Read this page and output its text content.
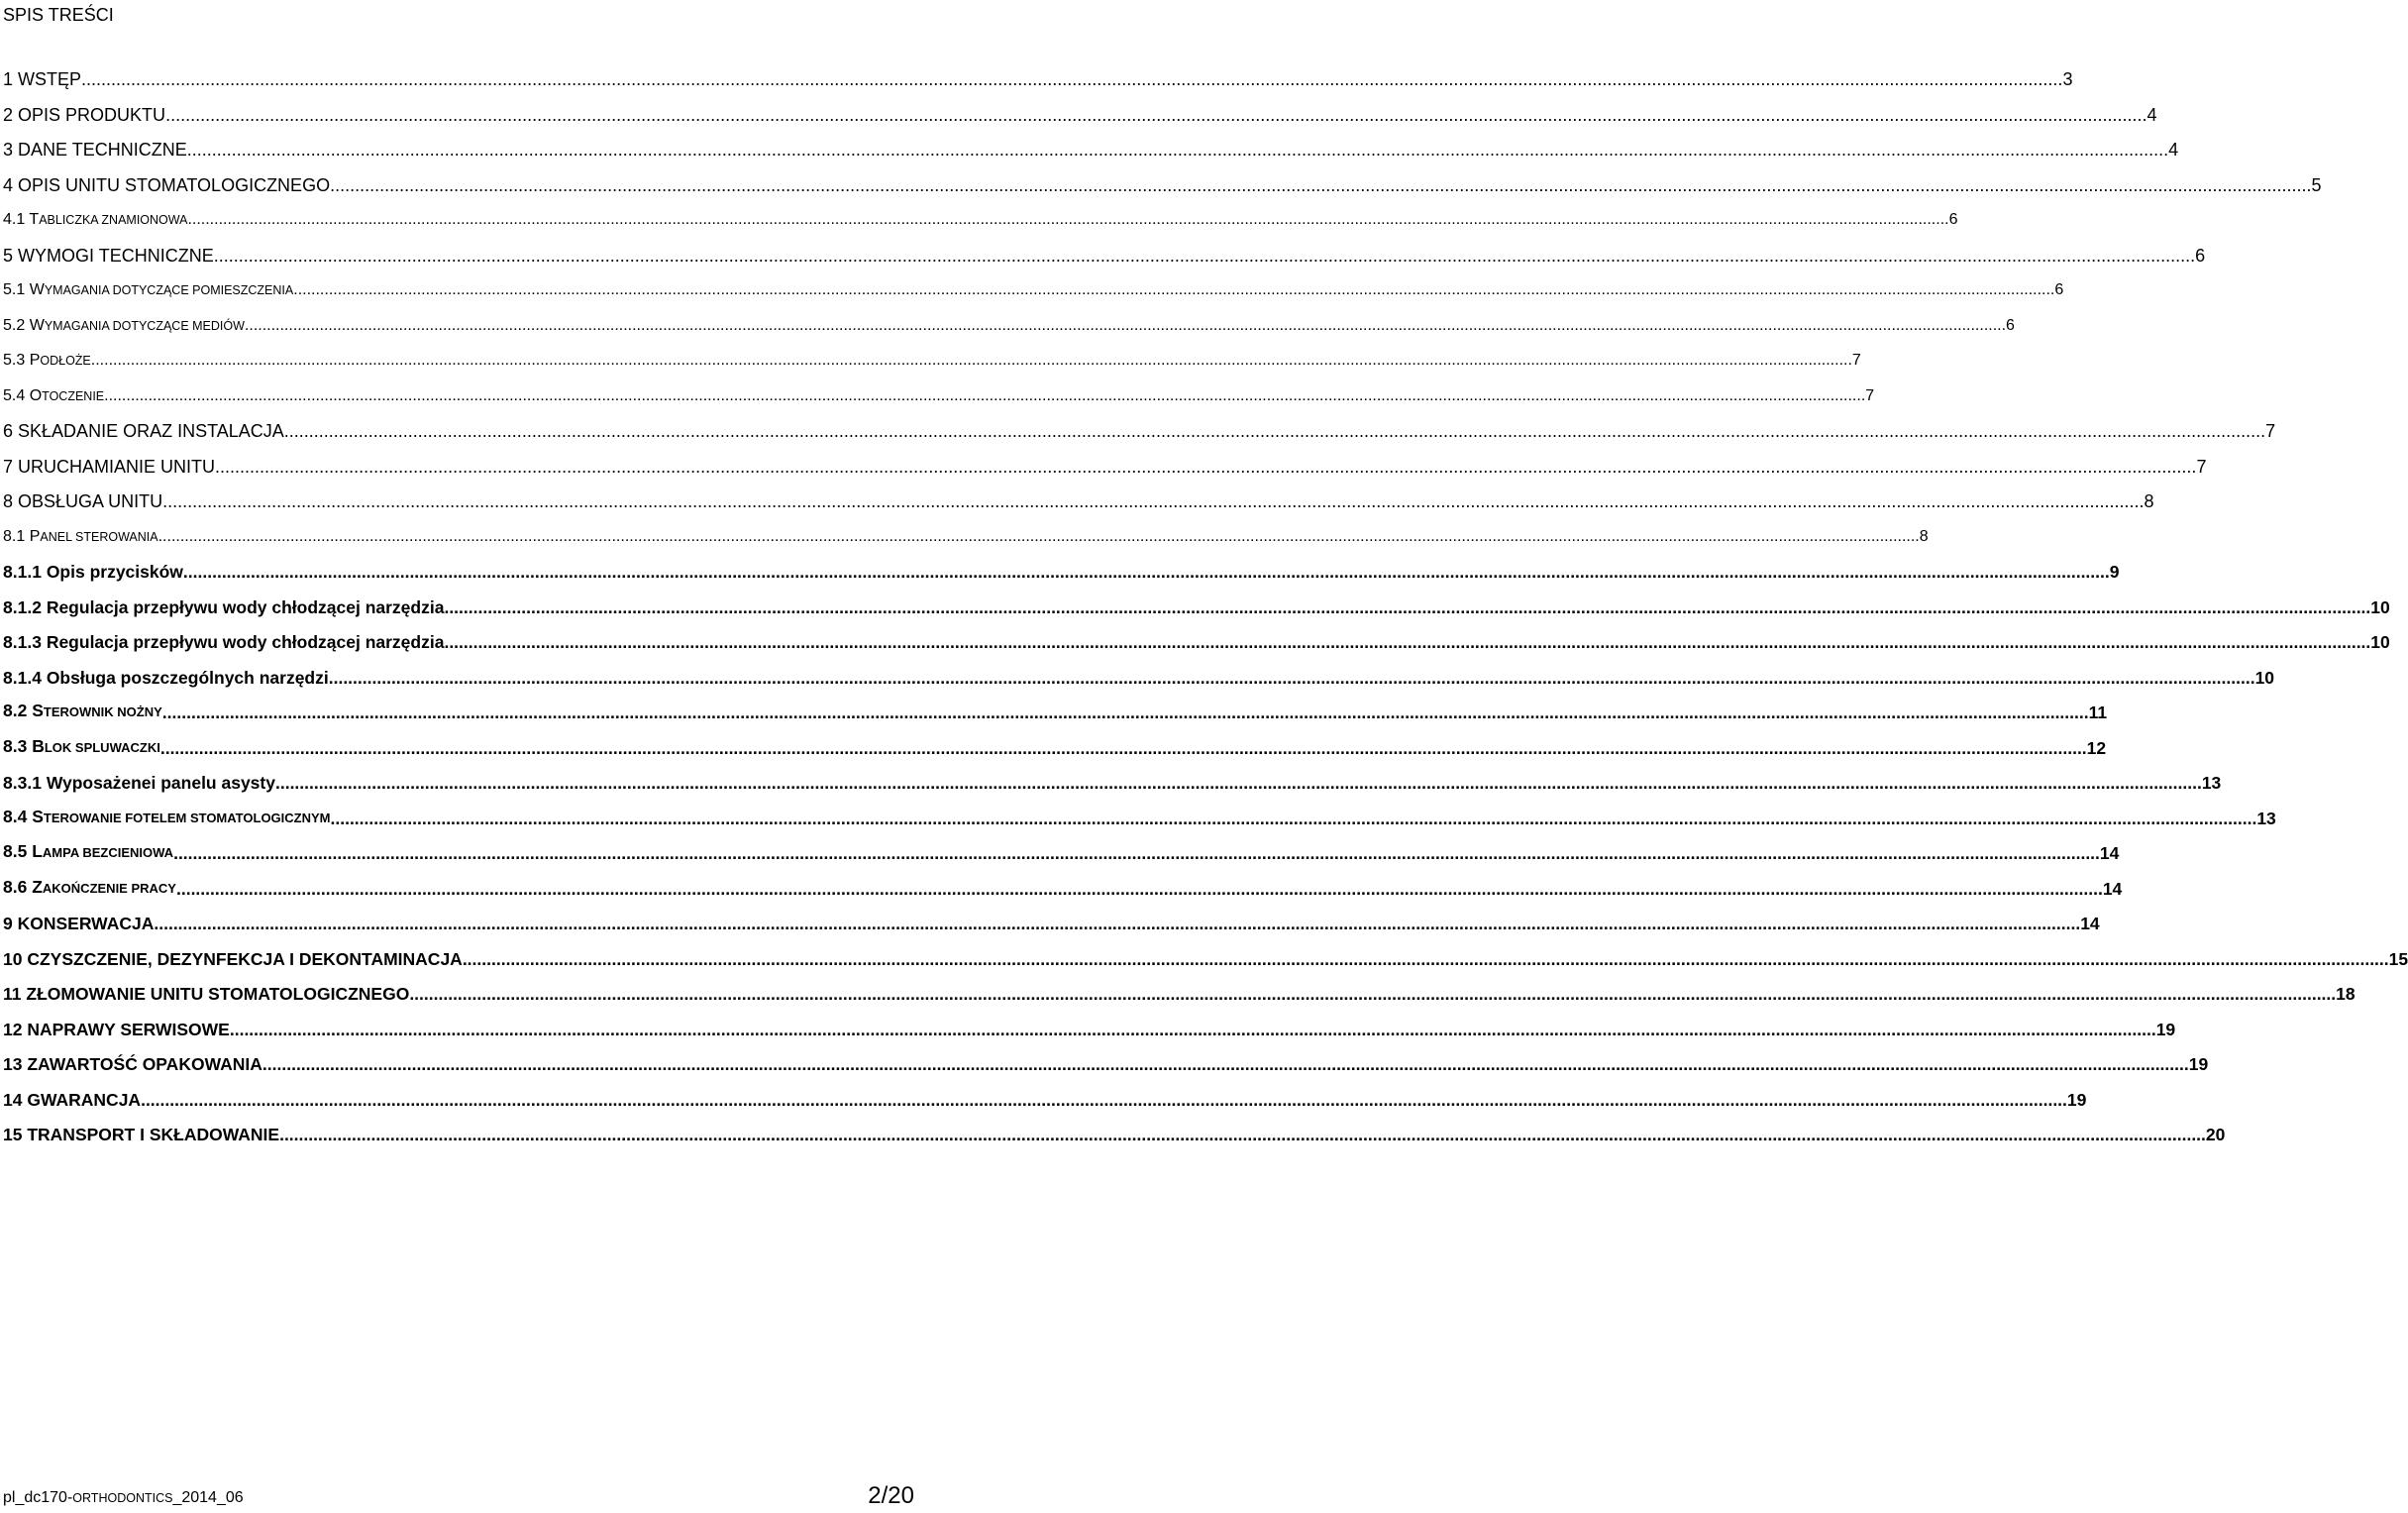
SPIS TREŚCI
1 WSTĘP ................................................................................................................................................................................................................................................................................................................................................................................................................ 3
2 OPIS PRODUKTU ................................................................................................................................................................................................................................................................................................................................................................................................................ 4
3 DANE TECHNICZNE ................................................................................................................................................................................................................................................................................................................................................................................................................ 4
4 OPIS UNITU STOMATOLOGICZNEGO ................................................................................................................................................................................................................................................................................................................................................................................................................ 5
4.1 TABLICZKA ZNAMIONOWA ................................................................................................................................................................................................................................................................................................................................................................................................................ 6
5 WYMOGI TECHNICZNE ................................................................................................................................................................................................................................................................................................................................................................................................................ 6
5.1 WYMAGANIA DOTYCZĄCE POMIESZCZENIA ................................................................................................................................................................................................................................................................................................................................................................................................................ 6
5.2 WYMAGANIA DOTYCZĄCE MEDIÓW ................................................................................................................................................................................................................................................................................................................................................................................................................ 6
5.3 PODŁOŻE ................................................................................................................................................................................................................................................................................................................................................................................................................ 7
5.4 OTOCZENIE ................................................................................................................................................................................................................................................................................................................................................................................................................ 7
6 SKŁADANIE ORAZ INSTALACJA ................................................................................................................................................................................................................................................................................................................................................................................................................ 7
7 URUCHAMIANIE UNITU ................................................................................................................................................................................................................................................................................................................................................................................................................ 7
8 OBSŁUGA UNITU ................................................................................................................................................................................................................................................................................................................................................................................................................ 8
8.1 PANEL STEROWANIA ................................................................................................................................................................................................................................................................................................................................................................................................................ 8
8.1.1 Opis przycisków ................................................................................................................................................................................................................................................................................................................................................................................................................ 9
8.1.2 Regulacja przepływu wody chłodzącej narzędzia ................................................................................................................................................................................................................................................................................................................................................................................................................ 10
8.1.3 Regulacja przepływu wody chłodzącej narzędzia ................................................................................................................................................................................................................................................................................................................................................................................................................ 10
8.1.4 Obsługa poszczególnych narzędzi ................................................................................................................................................................................................................................................................................................................................................................................................................ 10
8.2 STEROWNIK NOŻNY ................................................................................................................................................................................................................................................................................................................................................................................................................ 11
8.3 BLOK SPLUWACZKI ................................................................................................................................................................................................................................................................................................................................................................................................................ 12
8.3.1 Wyposażenei panelu asysty ................................................................................................................................................................................................................................................................................................................................................................................................................ 13
8.4 STEROWANIE FOTELEM STOMATOLOGICZNYM ................................................................................................................................................................................................................................................................................................................................................................................................................ 13
8.5 LAMPA BEZCIENIOWA ................................................................................................................................................................................................................................................................................................................................................................................................................ 14
8.6 ZAKOŃCZENIE PRACY ................................................................................................................................................................................................................................................................................................................................................................................................................ 14
9 KONSERWACJA ................................................................................................................................................................................................................................................................................................................................................................................................................ 14
10 CZYSZCZENIE, DEZYNFEKCJA I DEKONTAMINACJA ................................................................................................................................................................................................................................................................................................................................................................................................................ 15
11 ZŁOMOWANIE UNITU STOMATOLOGICZNEGO ................................................................................................................................................................................................................................................................................................................................................................................................................ 18
12 NAPRAWY SERWISOWE ................................................................................................................................................................................................................................................................................................................................................................................................................ 19
13 ZAWARTOŚĆ OPAKOWANIA ................................................................................................................................................................................................................................................................................................................................................................................................................ 19
14 GWARANCJA ................................................................................................................................................................................................................................................................................................................................................................................................................ 19
15 TRANSPORT I SKŁADOWANIE ................................................................................................................................................................................................................................................................................................................................................................................................................ 20
pl_dc170-ORTHODONTICS_2014_06	2/20
